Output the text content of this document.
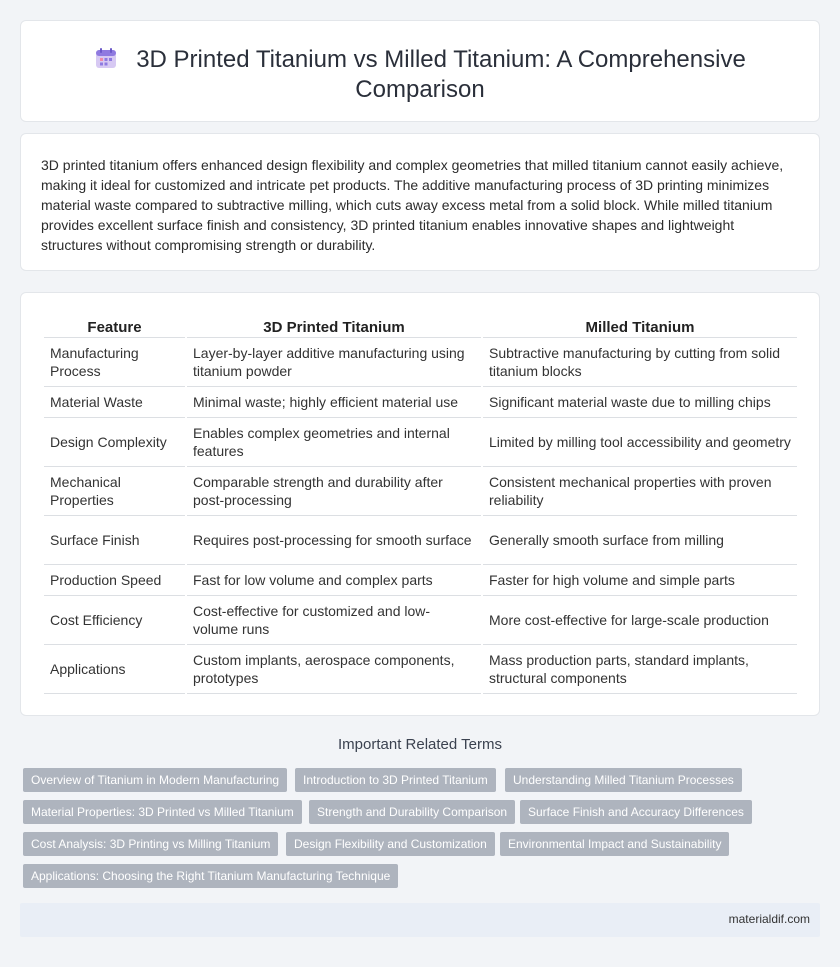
3D Printed Titanium vs Milled Titanium: A Comprehensive Comparison

3D printed titanium offers enhanced design flexibility and complex geometries that milled titanium cannot easily achieve, making it ideal for customized and intricate pet products. The additive manufacturing process of 3D printing minimizes material waste compared to subtractive milling, which cuts away excess metal from a solid block. While milled titanium provides excellent surface finish and consistency, 3D printed titanium enables innovative shapes and lightweight structures without compromising strength or durability.

Feature	3D Printed Titanium	Milled Titanium
Manufacturing Process	Layer-by-layer additive manufacturing using titanium powder	Subtractive manufacturing by cutting from solid titanium blocks
Material Waste	Minimal waste; highly efficient material use	Significant material waste due to milling chips
Design Complexity	Enables complex geometries and internal features	Limited by milling tool accessibility and geometry
Mechanical Properties	Comparable strength and durability after post-processing	Consistent mechanical properties with proven reliability
Surface Finish	Requires post-processing for smooth surface	Generally smooth surface from milling
Production Speed	Fast for low volume and complex parts	Faster for high volume and simple parts
Cost Efficiency	Cost-effective for customized and low-volume runs	More cost-effective for large-scale production
Applications	Custom implants, aerospace components, prototypes	Mass production parts, standard implants, structural components
Important Related Terms
Overview of Titanium in Modern Manufacturing	Introduction to 3D Printed Titanium	Understanding Milled Titanium Processes
Material Properties: 3D Printed vs Milled Titanium	Strength and Durability Comparison	Surface Finish and Accuracy Differences
Cost Analysis: 3D Printing vs Milling Titanium	Design Flexibility and Customization	Environmental Impact and Sustainability
Applications: Choosing the Right Titanium Manufacturing Technique
materialdif.com
